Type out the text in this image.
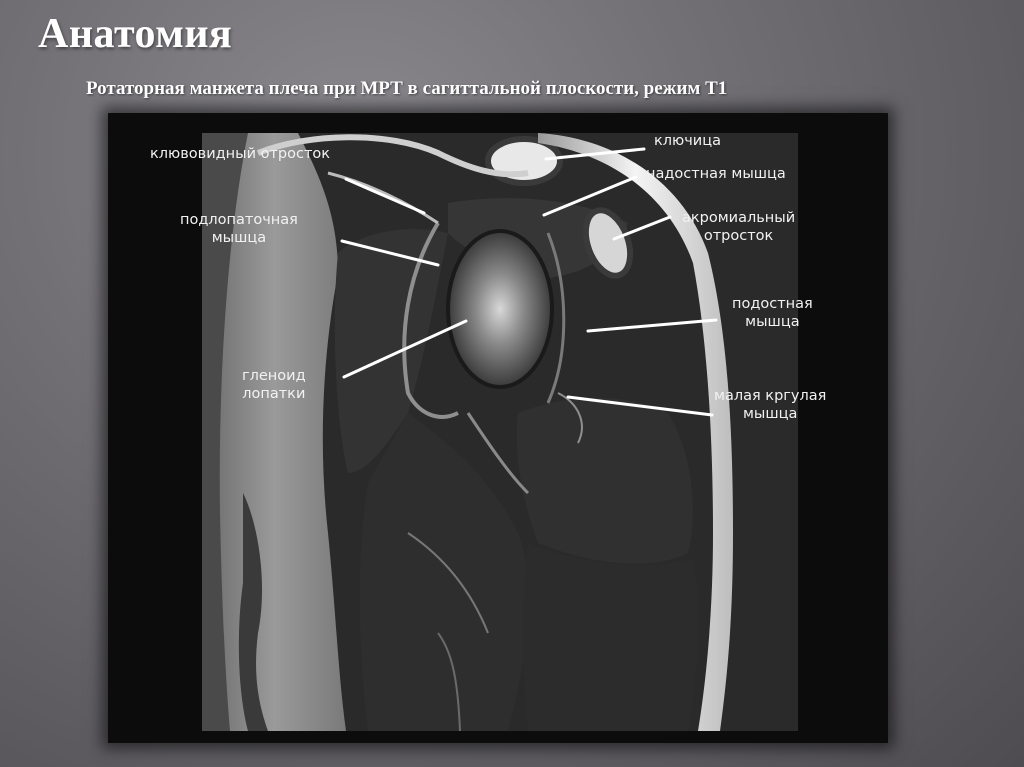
Анатомия
Ротаторная манжета плеча при МРТ в сагиттальной плоскости, режим Т1
клювовидный отросток
ключица
надостная мышца
подлопаточная
мышца
акромиальный
отросток
подостная
мышца
гленоид
лопатки	малая кргулая
мышца
